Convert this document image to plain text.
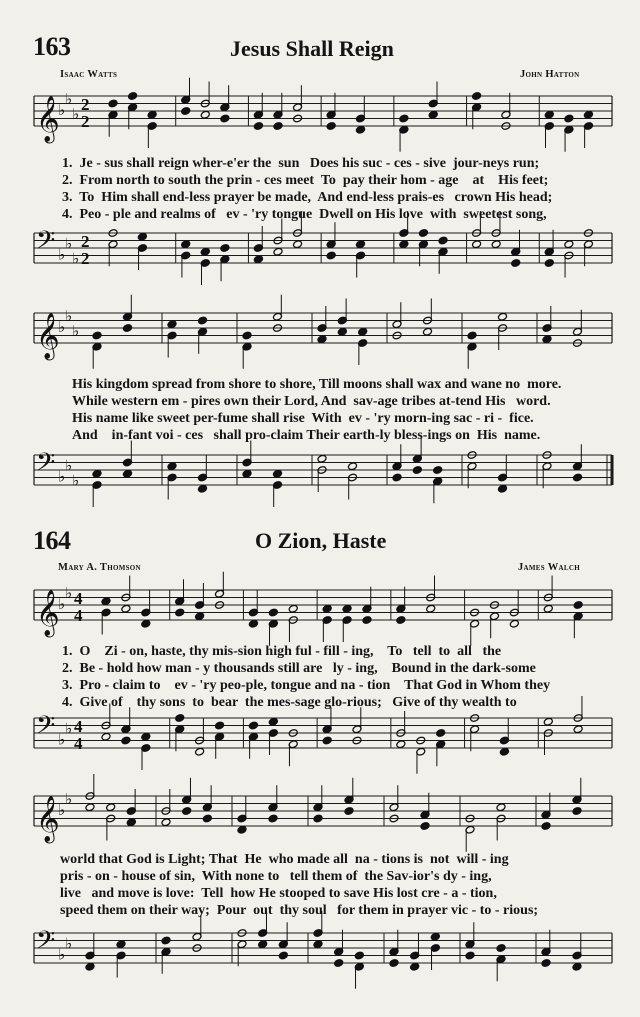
163	Jesus Shall Reign
Isaac Watts	John Hatton
𝄞
♭
♭
♭ 2
2
1.  Je - sus shall reign wher-e'er the  sun   Does his suc - ces - sive  jour-neys run;
2.  From north to south the prin - ces meet  To  pay their hom - age    at    His feet;
3.  To  Him shall end-less prayer be made,  And end-less prais-es   crown His head;
4.  Peo - ple and realms of   ev - 'ry tongue  Dwell on His love  with  sweetest song,
𝄢 ♭
♭
♭
2
2
𝄞
♭
♭
♭
His kingdom spread from shore to shore, Till moons shall wax and wane no  more.
While western em - pires own their Lord, And  sav-age tribes at-tend His   word.
His name like sweet per-fume shall rise  With  ev - 'ry morn-ing sac - ri -  fice.
And    in-fant voi - ces   shall pro-claim Their earth-ly bless-ings on  His  name.
𝄢 ♭
♭
♭
164	O Zion, Haste
Mary A. Thomson	James Walch
𝄞
♭
♭ 4
4
1.  O    Zi - on, haste, thy mis-sion high ful - fill - ing,    To   tell  to  all   the
2.  Be - hold how man - y thousands still are   ly - ing,    Bound in the dark-some
3.  Pro - claim to    ev - 'ry peo-ple, tongue and na - tion    That God in Whom they
4.  Give of    thy sons  to  bear  the mes-sage glo-rious;   Give of thy wealth to
𝄢 ♭
♭ 4
4
𝄞
♭
♭
world that God is Light; That  He  who made all  na - tions is  not  will - ing
pris - on - house of sin,  With none to   tell them of  the Sav-ior's dy - ing,
live   and move is love:  Tell  how He stooped to save His lost cre - a - tion,
speed them on their way;  Pour  out  thy soul   for them in prayer vic - to - rious;
𝄢 ♭
♭
